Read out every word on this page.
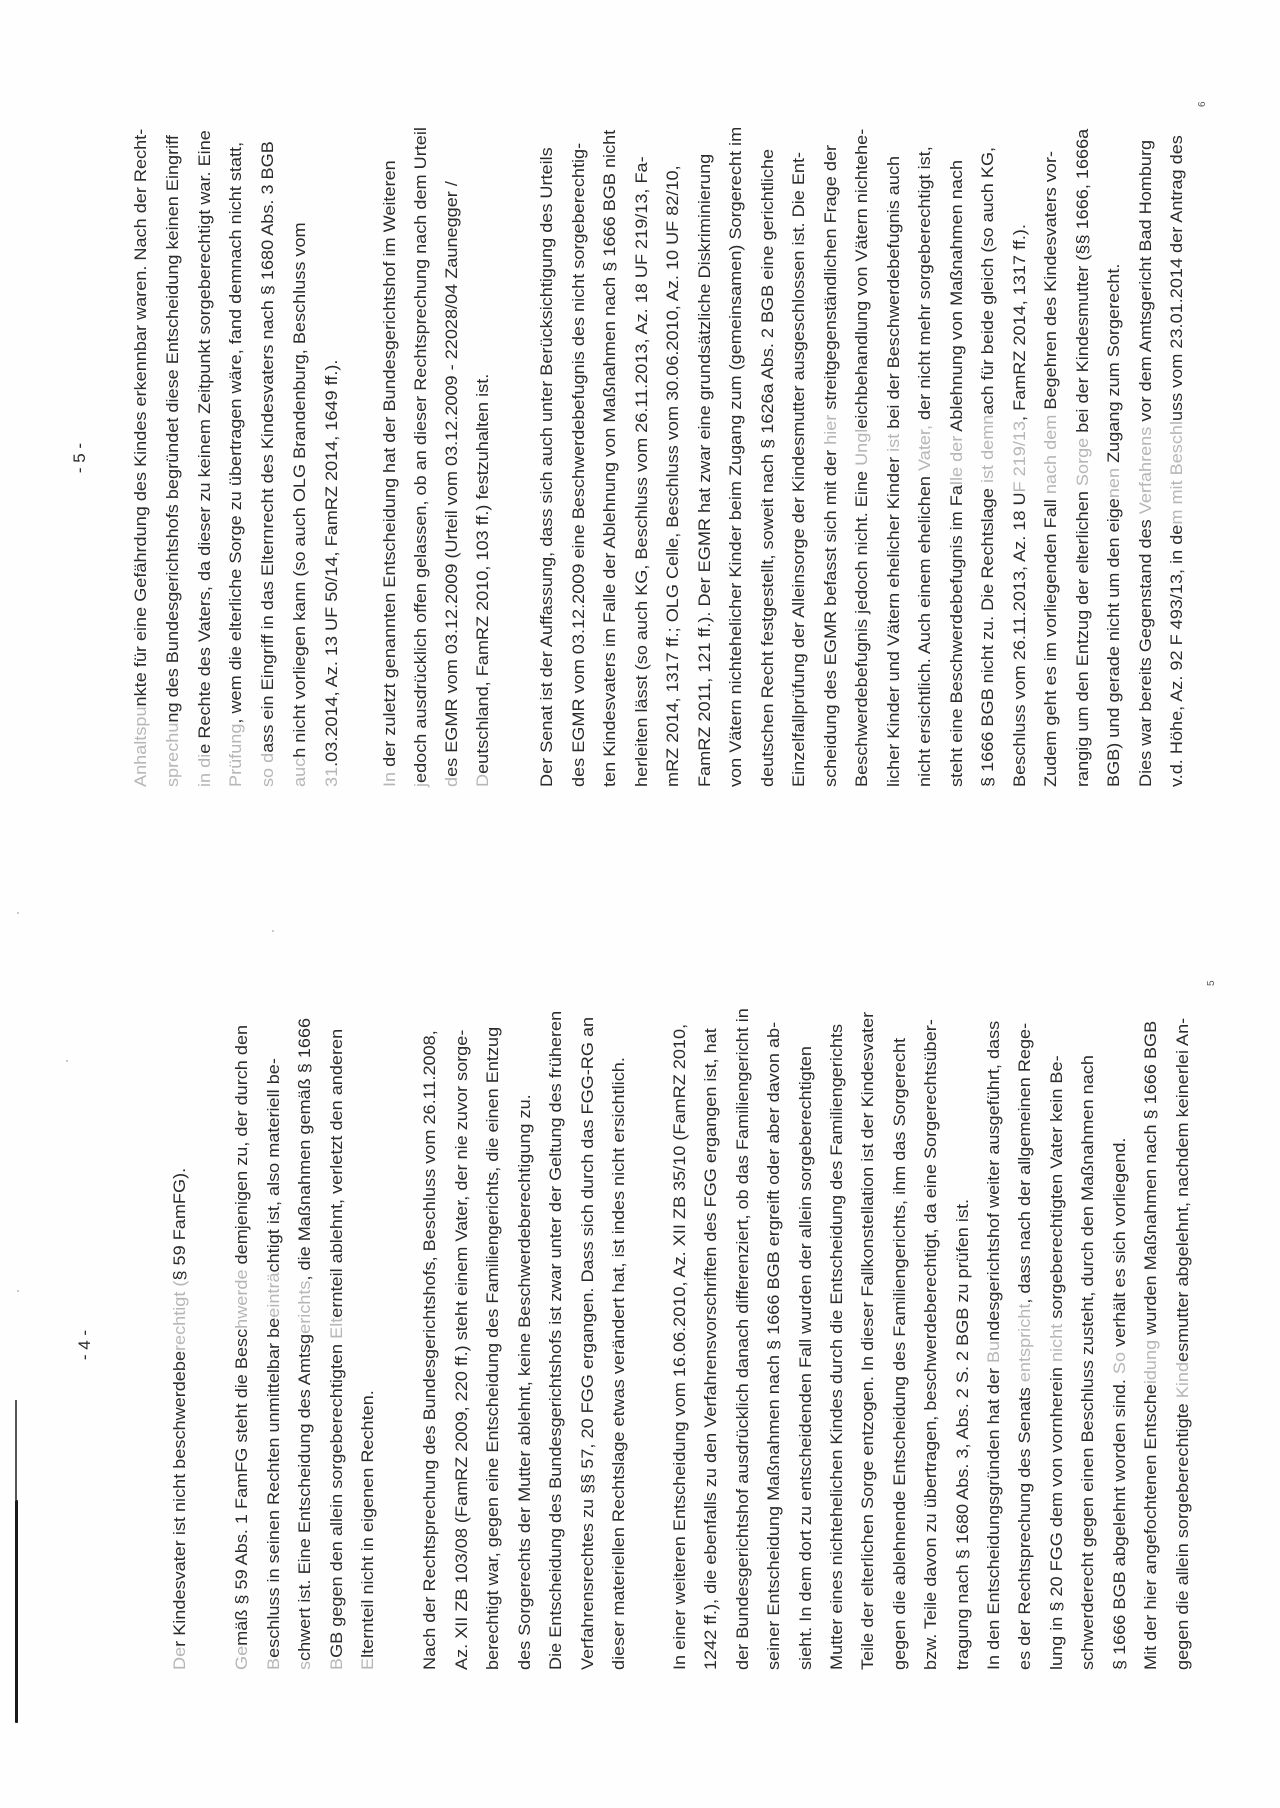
- 5 -
Anhaltspunkte für eine Gefährdung des Kindes erkennbar waren. Nach der Recht-
sprechung des Bundesgerichtshofs begründet diese Entscheidung keinen Eingriff
in die Rechte des Vaters, da dieser zu keinem Zeitpunkt sorgeberechtigt war. Eine
Prüfung, wem die elterliche Sorge zu übertragen wäre, fand demnach nicht statt,
so dass ein Eingriff in das Elternrecht des Kindesvaters nach § 1680 Abs. 3 BGB
auch nicht vorliegen kann (so auch OLG Brandenburg, Beschluss vom
31.03.2014, Az. 13 UF 50/14, FamRZ 2014, 1649 ff.).
In der zuletzt genannten Entscheidung hat der Bundesgerichtshof im Weiteren
jedoch ausdrücklich offen gelassen, ob an dieser Rechtsprechung nach dem Urteil des EGMR vom 03.12.2009 (Urteil vom 03.12.2009 - 22028/04 Zaunegger /
Deutschland, FamRZ 2010, 103 ff.) festzuhalten ist.	Der Senat ist der Auffassung, dass sich auch unter Berücksichtigung des Urteils des EGMR vom 03.12.2009 eine Beschwerdebefugnis des nicht sorgeberechtig- ten Kindesvaters im Falle der Ablehnung von Maßnahmen nach § 1666 BGB nicht herleiten lässt (so auch KG, Beschluss vom 26.11.2013, Az. 18 UF 219/13, Fa- mRZ 2014, 1317 ff.; OLG Celle, Beschluss vom 30.06.2010, Az. 10 UF 82/10, FamRZ 2011, 121 ff.). Der EGMR hat zwar eine grundsätzliche Diskriminierung von Vätern nichtehelicher Kinder beim Zugang zum (gemeinsamen) Sorgerecht im deutschen Recht festgestellt, soweit nach § 1626a Abs. 2 BGB eine gerichtliche Einzelfallprüfung der Alleinsorge der Kindesmutter ausgeschlossen ist. Die Ent- scheidung des EGMR befasst sich mit der hier streitgegenständlichen Frage der
Beschwerdebefugnis jedoch nicht. Eine Ungleichbehandlung von Vätern nichtehe-
licher Kinder und Vätern ehelicher Kinder ist bei der Beschwerdebefugnis auch
nicht ersichtlich. Auch einem ehelichen Vater, der nicht mehr sorgeberechtigt ist,
steht eine Beschwerdebefugnis im Falle der Ablehnung von Maßnahmen nach
§ 1666 BGB nicht zu. Die Rechtslage ist demnach für beide gleich (so auch KG,
Beschluss vom 26.11.2013, Az. 18 UF 219/13, FamRZ 2014, 1317 ff.).
Zudem geht es im vorliegenden Fall nach dem Begehren des Kindesvaters vor-
rangig um den Entzug der elterlichen Sorge bei der Kindesmutter (§§ 1666, 1666a
BGB) und gerade nicht um den eigenen Zugang zum Sorgerecht.
Dies war bereits Gegenstand des Verfahrens vor dem Amtsgericht Bad Homburg
v.d. Höhe, Az. 92 F 493/13, in dem mit Beschluss vom 23.01.2014 der Antrag des
6
- 4 -
Der Kindesvater ist nicht beschwerdeberechtigt (§ 59 FamFG).
Gemäß § 59 Abs. 1 FamFG steht die Beschwerde demjenigen zu, der durch den
Beschluss in seinen Rechten unmittelbar beeinträchtigt ist, also materiell be-
schwert ist. Eine Entscheidung des Amtsgerichts, die Maßnahmen gemäß § 1666
BGB gegen den allein sorgeberechtigten Elternteil ablehnt, verletzt den anderen
Elternteil nicht in eigenen Rechten.	Nach der Rechtsprechung des Bundesgerichtshofs, Beschluss vom 26.11.2008, Az. XII ZB 103/08 (FamRZ 2009, 220 ff.) steht einem Vater, der nie zuvor sorge- berechtigt war, gegen eine Entscheidung des Familiengerichts, die einen Entzug des Sorgerechts der Mutter ablehnt, keine Beschwerdeberechtigung zu. Die Entscheidung des Bundesgerichtshofs ist zwar unter der Geltung des früheren Verfahrensrechtes zu §§ 57, 20 FGG ergangen. Dass sich durch das FGG-RG an dieser materiellen Rechtslage etwas verändert hat, ist indes nicht ersichtlich.	In einer weiteren Entscheidung vom 16.06.2010, Az. XII ZB 35/10 (FamRZ 2010, 1242 ff.), die ebenfalls zu den Verfahrensvorschriften des FGG ergangen ist, hat der Bundesgerichtshof ausdrücklich danach differenziert, ob das Familiengericht in seiner Entscheidung Maßnahmen nach § 1666 BGB ergreift oder aber davon ab- sieht. In dem dort zu entscheidenden Fall wurden der allein sorgeberechtigten Mutter eines nichtehelichen Kindes durch die Entscheidung des Familiengerichts Teile der elterlichen Sorge entzogen. In dieser Fallkonstellation ist der Kindesvater gegen die ablehnende Entscheidung des Familiengerichts, ihm das Sorgerecht bzw. Teile davon zu übertragen, beschwerdeberechtigt, da eine Sorgerechtsüber- tragung nach § 1680 Abs. 3, Abs. 2 S. 2 BGB zu prüfen ist. In den Entscheidungsgründen hat der Bundesgerichtshof weiter ausgeführt, dass
es der Rechtsprechung des Senats entspricht, dass nach der allgemeinen Rege-
lung in § 20 FGG dem von vornherein nicht sorgeberechtigten Vater kein Be- schwerderecht gegen einen Beschluss zusteht, durch den Maßnahmen nach § 1666 BGB abgelehnt worden sind. So verhält es sich vorliegend.
Mit der hier angefochtenen Entscheidung wurden Maßnahmen nach § 1666 BGB
gegen die allein sorgeberechtigte Kindesmutter abgelehnt, nachdem keinerlei An-
5
